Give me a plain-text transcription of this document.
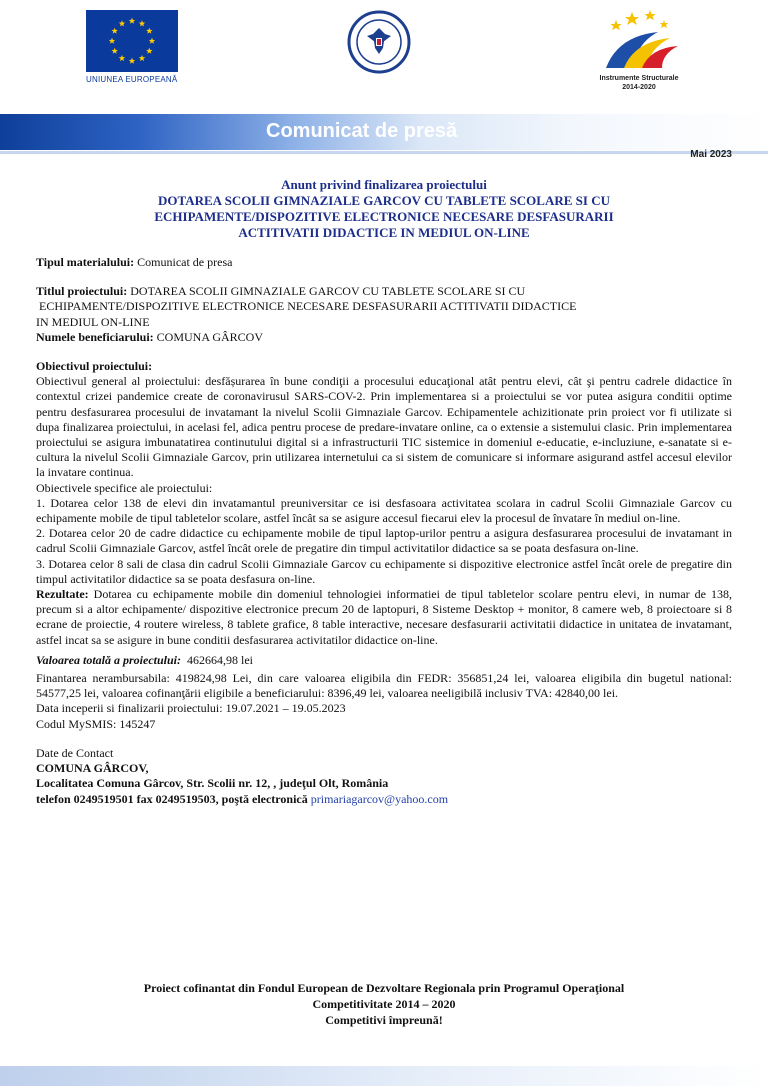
UNIUNEA EUROPEANĂ	Instrumente Structurale
2014-2020
Comunicat de presă
Mai 2023
Anunt privind finalizarea proiectului
DOTAREA SCOLII GIMNAZIALE GARCOV CU TABLETE SCOLARE SI CU
ECHIPAMENTE/DISPOZITIVE ELECTRONICE NECESARE DESFASURARII
ACTITIVATII DIDACTICE IN MEDIUL ON-LINE

Tipul materialului: Comunicat de presa

Titlul proiectului: DOTAREA SCOLII GIMNAZIALE GARCOV CU TABLETE SCOLARE SI CU

ECHIPAMENTE/DISPOZITIVE ELECTRONICE NECESARE DESFASURARII ACTITIVATII DIDACTICE

IN MEDIUL ON-LINE

Numele beneficiarului: COMUNA GÂRCOV

Obiectivul proiectului:

Obiectivul general al proiectului: desfășurarea în bune condiţii a procesului educaţional atât pentru elevi, cât şi pentru cadrele didactice în contextul crizei pandemice create de coronavirusul SARS-COV-2. Prin implementarea si a proiectului se vor putea asigura conditii optime pentru desfasurarea procesului de invatamant la nivelul Scolii Gimnaziale Garcov. Echipamentele achizitionate prin proiect vor fi utilizate si dupa finalizarea proiectului, in acelasi fel, adica pentru procese de predare-invatare online, ca o extensie a sistemului clasic. Prin implementarea proiectului se asigura imbunatatirea continutului digital si a infrastructurii TIC sistemice in domeniul e-educatie, e-incluziune, e-sanatate si e-cultura la nivelul Scolii Gimnaziale Garcov, prin utilizarea internetului ca si sistem de comunicare si informare asigurand astfel accesul elevilor la invatare continua.

Obiectivele specifice ale proiectului:

1. Dotarea celor 138 de elevi din invatamantul preuniversitar ce isi desfasoara activitatea scolara in cadrul Scolii Gimnaziale Garcov cu echipamente mobile de tipul tabletelor scolare, astfel încât sa se asigure accesul fiecarui elev la procesul de învatare în mediul on-line.

2. Dotarea celor 20 de cadre didactice cu echipamente mobile de tipul laptop-urilor pentru a asigura desfasurarea procesului de invatamant in cadrul Scolii Gimnaziale Garcov, astfel încât orele de pregatire din timpul activitatilor didactice sa se poata desfasura on-line.

3. Dotarea celor 8 sali de clasa din cadrul Scolii Gimnaziale Garcov cu echipamente si dispozitive electronice astfel încât orele de pregatire din timpul activitatilor didactice sa se poata desfasura on-line.

Rezultate: Dotarea cu echipamente mobile din domeniul tehnologiei informatiei de tipul tabletelor scolare pentru elevi, in numar de 138, precum si a altor echipamente/ dispozitive electronice precum 20 de laptopuri, 8 Sisteme Desktop + monitor, 8 camere web, 8 proiectoare si 8 ecrane de proiectie, 4 routere wireless, 8 tablete grafice, 8 table interactive, necesare desfasurarii activitatii didactice in unitatea de invatamant, astfel incat sa se asigure in bune conditii desfasurarea activitatilor didactice on-line.

Valoarea totală a proiectului: 462664,98 lei

Finantarea nerambursabila: 419824,98 Lei, din care valoarea eligibila din FEDR: 356851,24 lei, valoarea eligibila din bugetul national: 54577,25 lei, valoarea cofinanţării eligibile a beneficiarului: 8396,49 lei, valoarea neeligibilă inclusiv TVA: 42840,00 lei.

Data inceperii si finalizarii proiectului: 19.07.2021 – 19.05.2023

Codul MySMIS: 145247

Date de Contact

COMUNA GÂRCOV,

Localitatea Comuna Gârcov, Str. Scolii nr. 12, , judeţul Olt, România

telefon 0249519501 fax 0249519503, poştă electronică primariagarcov@yahoo.com

Proiect cofinantat din Fondul European de Dezvoltare Regionala prin Programul Operaţional
Competitivitate 2014 – 2020
Competitivi împreună!
